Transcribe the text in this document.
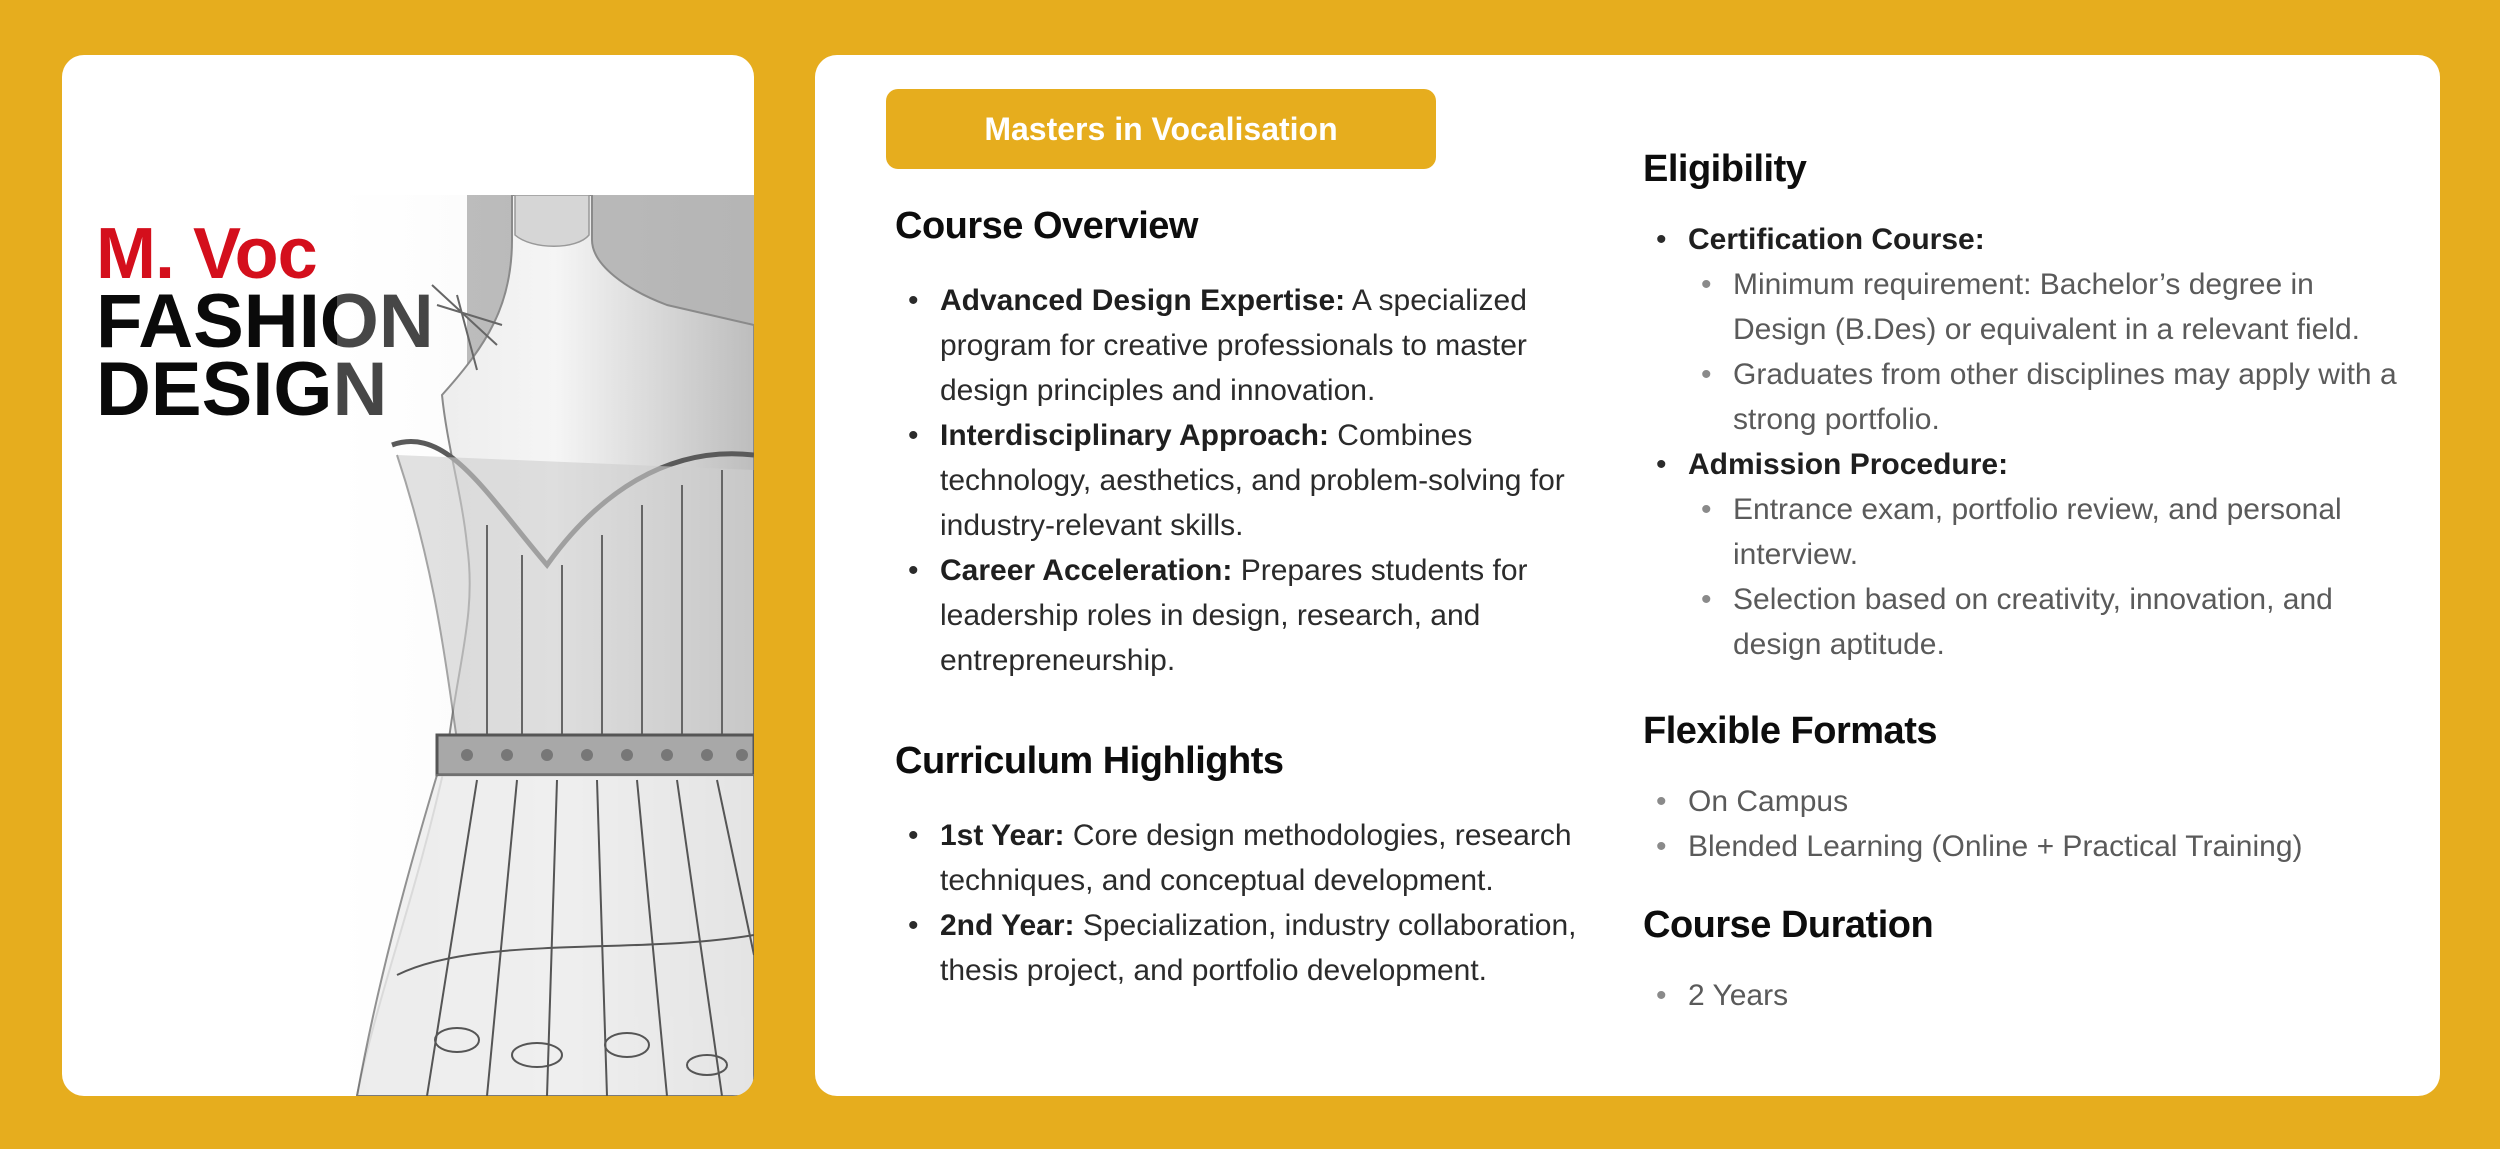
M. Voc
FASHION
DESIGN
Masters in Vocalisation
Course Overview
• Advanced Design Expertise: A specialized program for creative professionals to master design principles and innovation.
• Interdisciplinary Approach: Combines technology, aesthetics, and problem-solving for industry-relevant skills.
• Career Acceleration: Prepares students for leadership roles in design, research, and entrepreneurship.
Curriculum Highlights
• 1st Year: Core design methodologies, research techniques, and conceptual development.
• 2nd Year: Specialization, industry collaboration, thesis project, and portfolio development.
Eligibility
• Certification Course:
• Minimum requirement: Bachelor’s degree in Design (B.Des) or equivalent in a relevant field.
• Graduates from other disciplines may apply with a strong portfolio.
• Admission Procedure:
• Entrance exam, portfolio review, and personal interview.
• Selection based on creativity, innovation, and design aptitude.
Flexible Formats
• On Campus
• Blended Learning (Online + Practical Training)
Course Duration
• 2 Years
